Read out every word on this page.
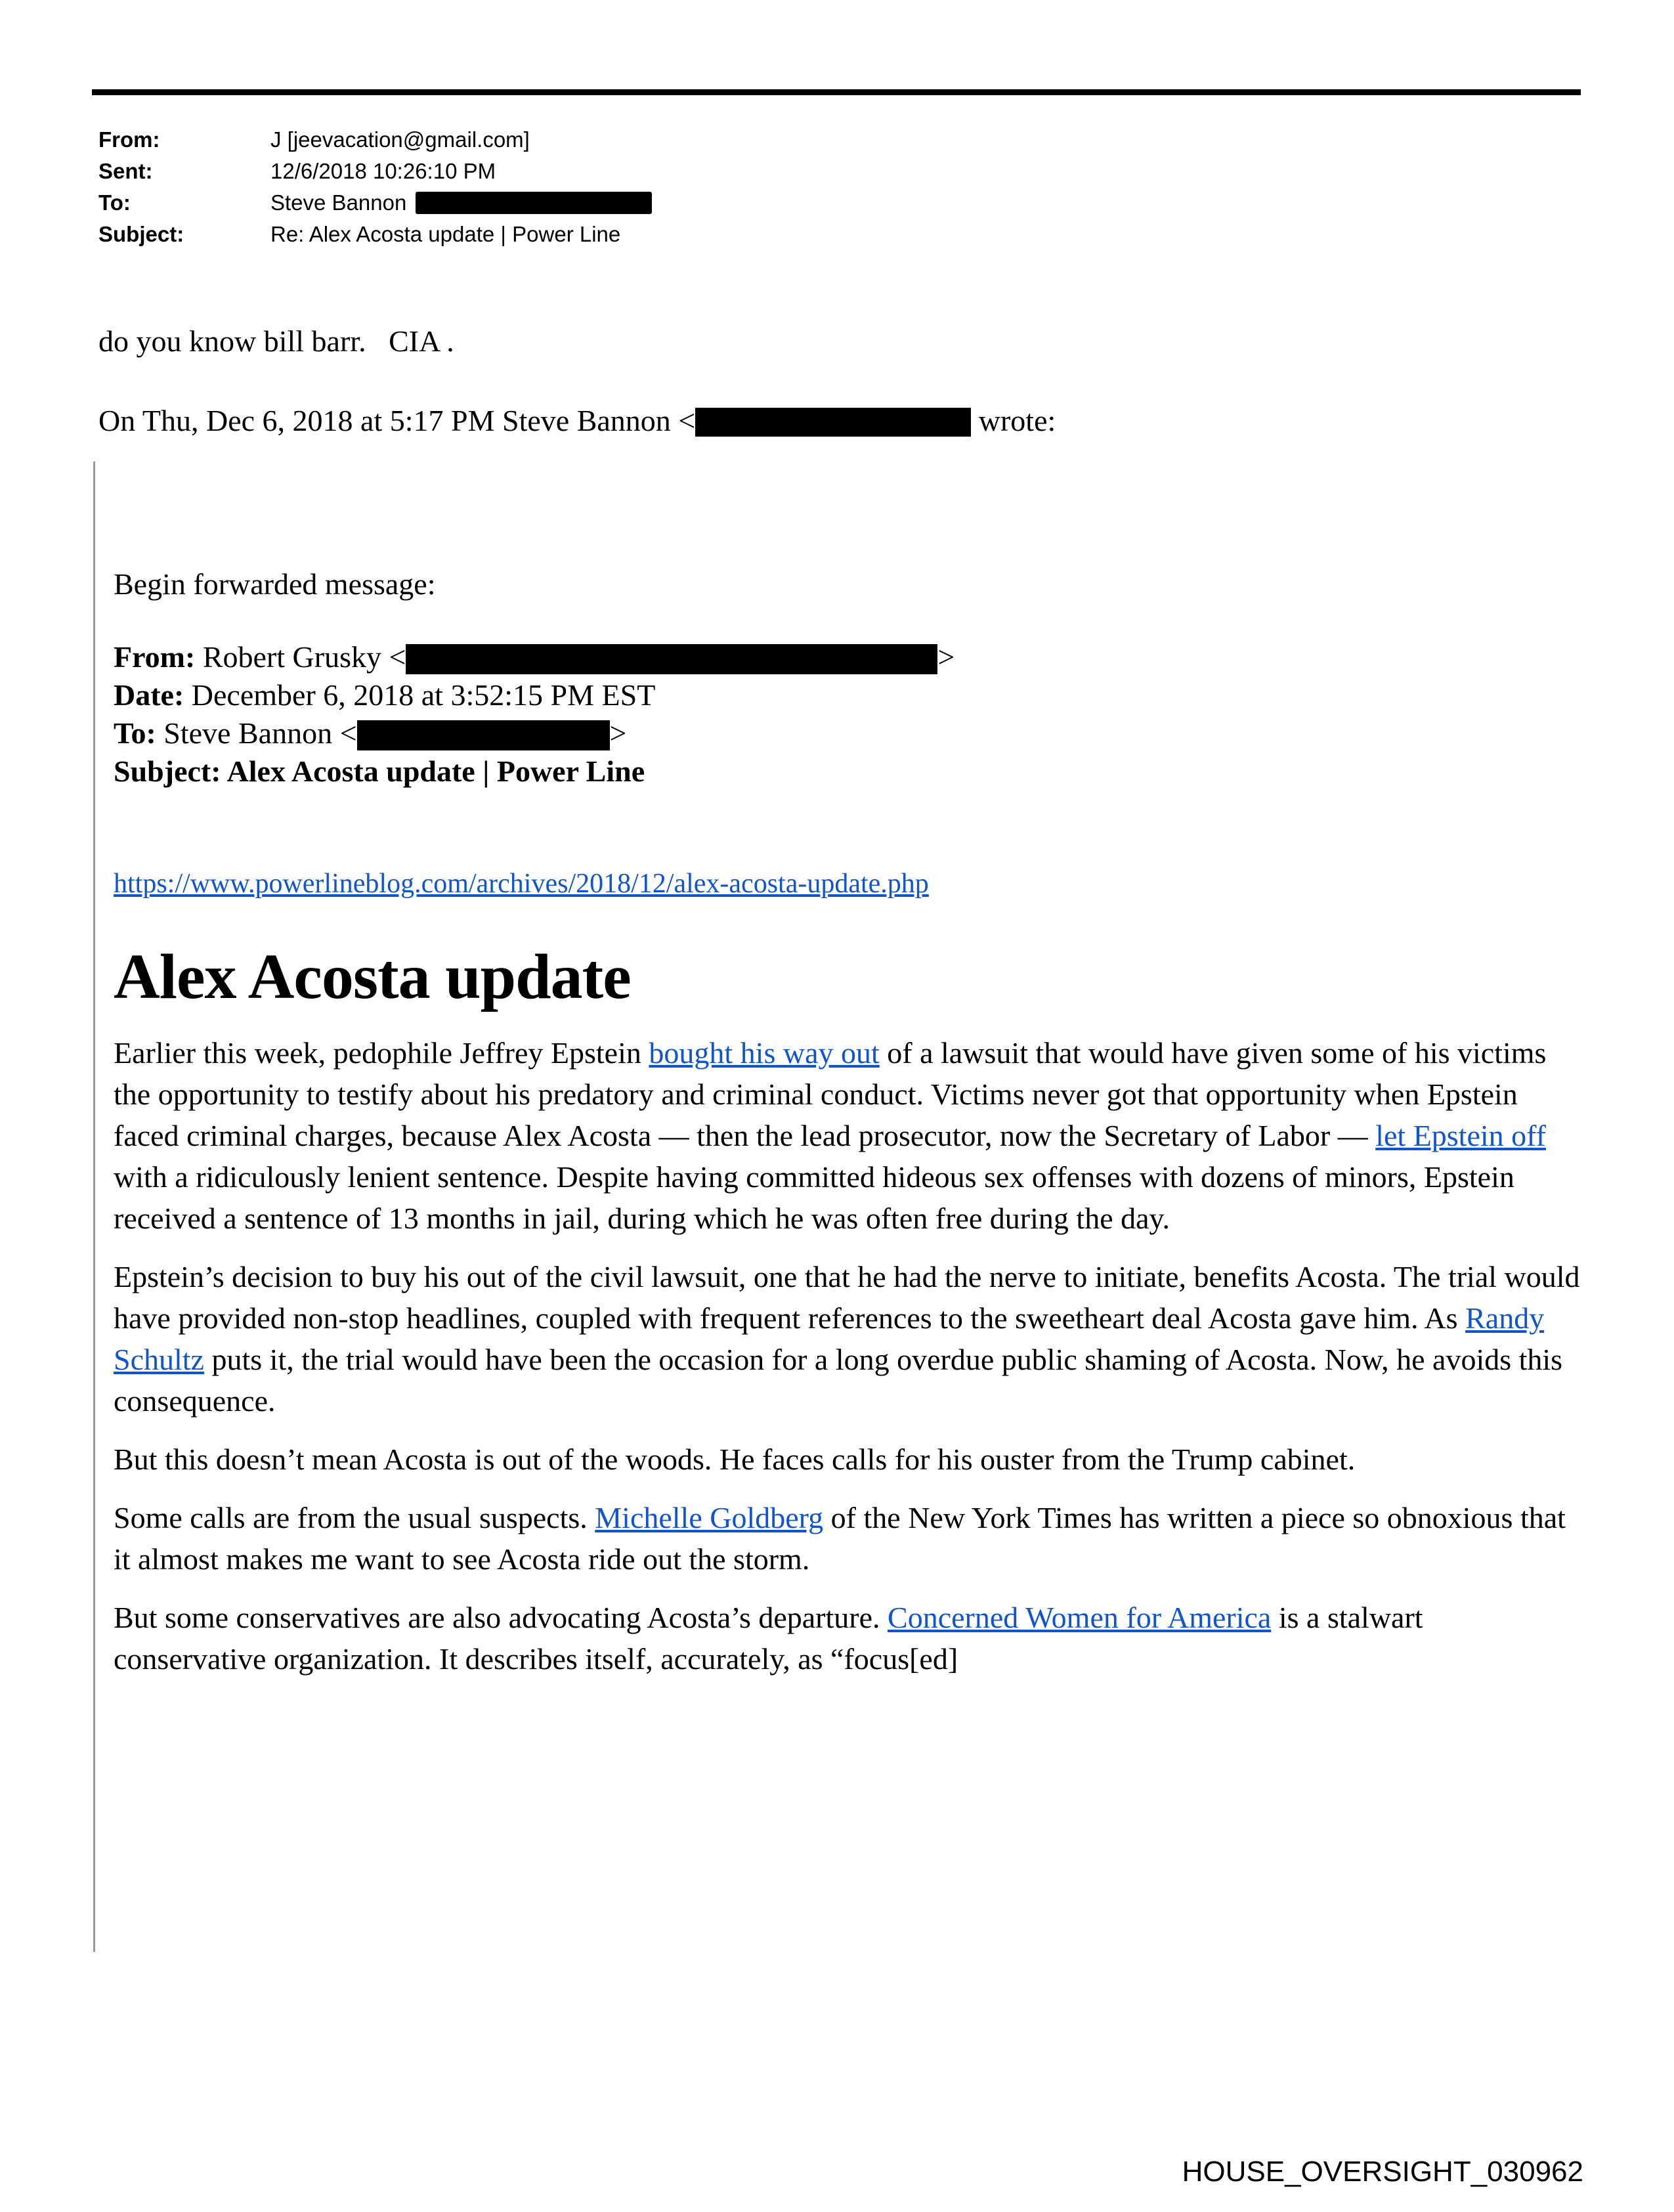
From:	J [jeevacation@gmail.com]
Sent:	12/6/2018 10:26:10 PM
To:	Steve Bannon
Subject:	Re: Alex Acosta update | Power Line

do you know bill barr.   CIA .

On Thu, Dec 6, 2018 at 5:17 PM Steve Bannon <	wrote:

Begin forwarded message:

From: Robert Grusky <	>

Date: December 6, 2018 at 3:52:15 PM EST

To: Steve Bannon <	>

Subject: Alex Acosta update | Power Line

https://www.powerlineblog.com/archives/2018/12/alex-acosta-update.php

Alex Acosta update

Earlier this week, pedophile Jeffrey Epstein bought his way out of a lawsuit that would have given some of his victims the opportunity to testify about his predatory and criminal conduct. Victims never got that opportunity when Epstein faced criminal charges, because Alex Acosta — then the lead prosecutor, now the Secretary of Labor — let Epstein off with a ridiculously lenient sentence. Despite having committed hideous sex offenses with dozens of minors, Epstein received a sentence of 13 months in jail, during which he was often free during the day.

Epstein’s decision to buy his out of the civil lawsuit, one that he had the nerve to initiate, benefits Acosta. The trial would have provided non-stop headlines, coupled with frequent references to the sweetheart deal Acosta gave him. As Randy Schultz puts it, the trial would have been the occasion for a long overdue public shaming of Acosta. Now, he avoids this consequence.

But this doesn’t mean Acosta is out of the woods. He faces calls for his ouster from the Trump cabinet.

Some calls are from the usual suspects. Michelle Goldberg of the New York Times has written a piece so obnoxious that it almost makes me want to see Acosta ride out the storm.

But some conservatives are also advocating Acosta’s departure. Concerned Women for America is a stalwart conservative organization. It describes itself, accurately, as “focus[ed]

HOUSE_OVERSIGHT_030962
